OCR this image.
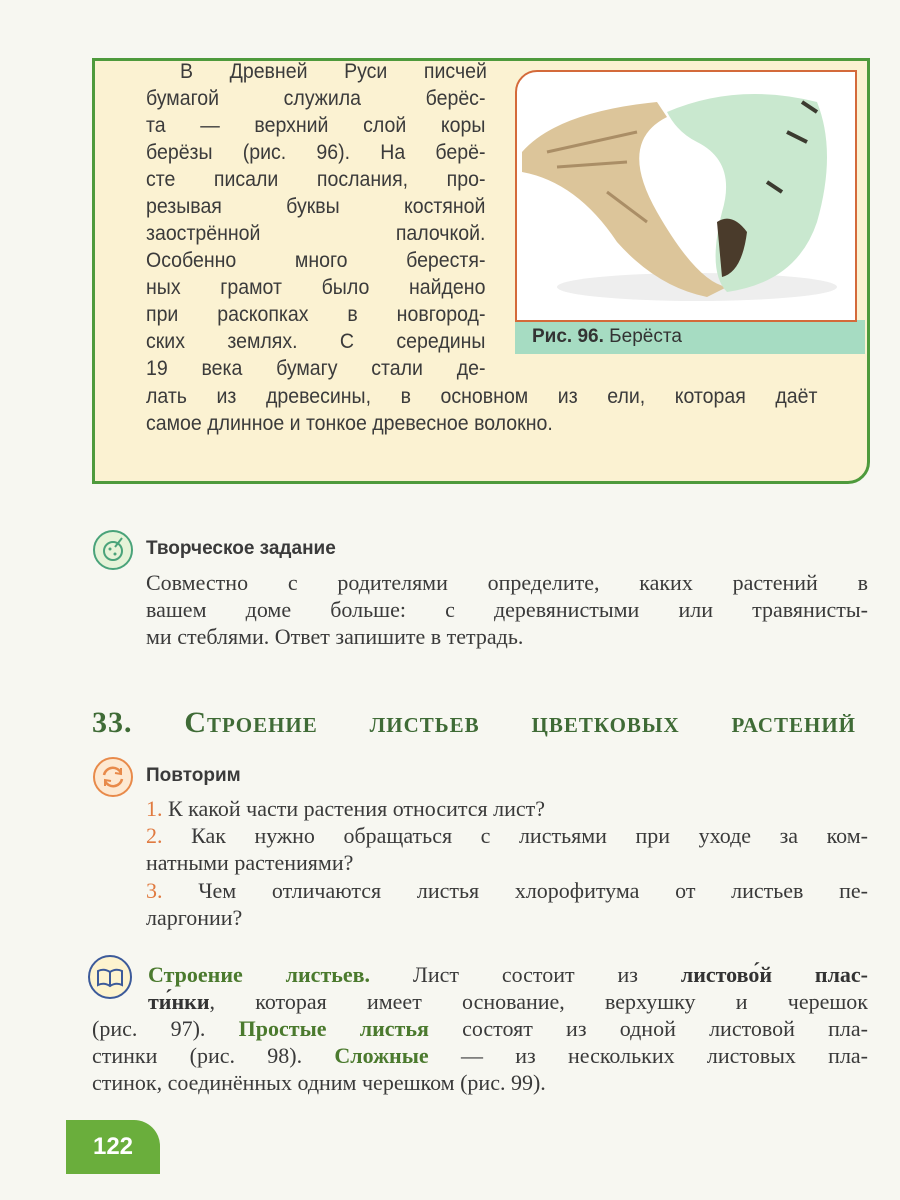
В Древней Руси писчей
бумагой служила берёс-
та — верхний слой коры
берёзы (рис. 96). На берё-
сте писали послания, про-
резывая буквы костяной
заострённой палочкой.
Особенно много берестя-
ных грамот было найдено
при раскопках в новгород-
ских землях. С середины
19 века бумагу стали де-
лать из древесины, в основном из ели, которая даёт
самое длинное и тонкое древесное волокно.
Рис. 96. Берёста
Творческое задание
Совместно с родителями определите, каких растений в
вашем доме больше: с деревянистыми или травянисты-
ми стеблями. Ответ запишите в тетрадь.
33. Строение листьев цветковых растений
Повторим
1. К какой части растения относится лист?
2. Как нужно обращаться с листьями при уходе за ком-
натными растениями?
3. Чем отличаются листья хлорофитума от листьев пе-
ларгонии?
Строение листьев. Лист состоит из листово́й плас-
ти́нки, которая имеет основание, верхушку и черешок
(рис. 97). Простые листья состоят из одной листовой пла-
стинки (рис. 98). Сложные — из нескольких листовых пла-
стинок, соединённых одним черешком (рис. 99).
122
